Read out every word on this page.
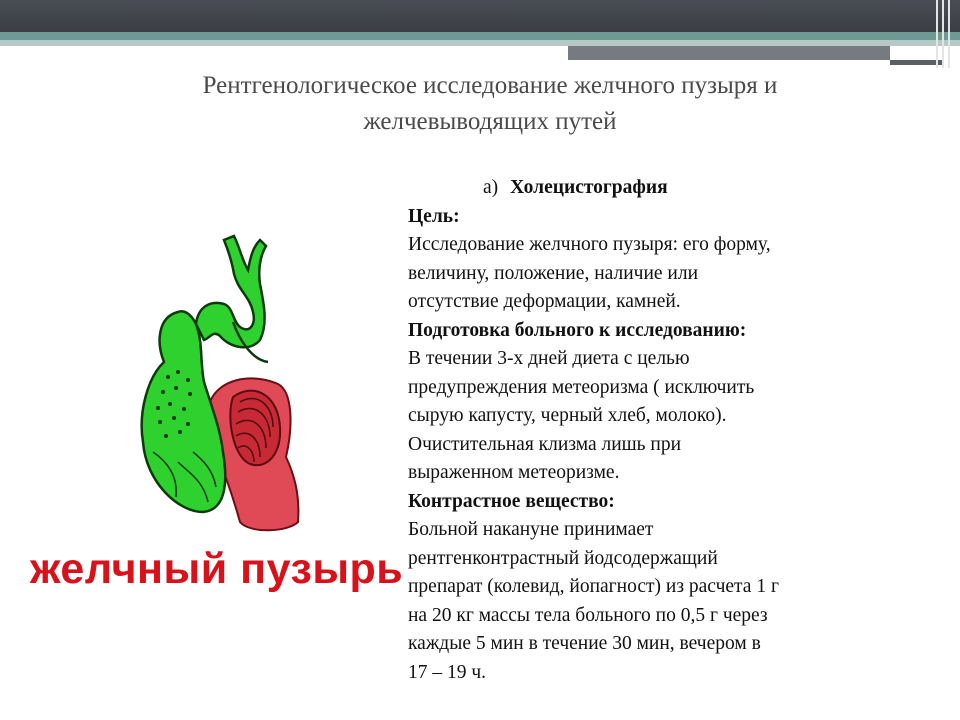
Рентгенологическое исследование желчного пузыря и
желчевыводящих путей
желчный пузырь

а) Холецистография

Цель:

Исследование желчного пузыря: его форму,

величину, положение, наличие или

отсутствие деформации, камней.

Подготовка больного к исследованию:

В течении 3-х дней диета с целью

предупреждения метеоризма ( исключить

сырую капусту, черный хлеб, молоко).

Очистительная клизма лишь при

выраженном метеоризме.

Контрастное вещество:

Больной накануне принимает

рентгенконтрастный йодсодержащий

препарат (колевид, йопагност) из расчета 1 г

на 20 кг массы тела больного по 0,5 г через

каждые 5 мин в течение 30 мин, вечером в

17 – 19 ч.
